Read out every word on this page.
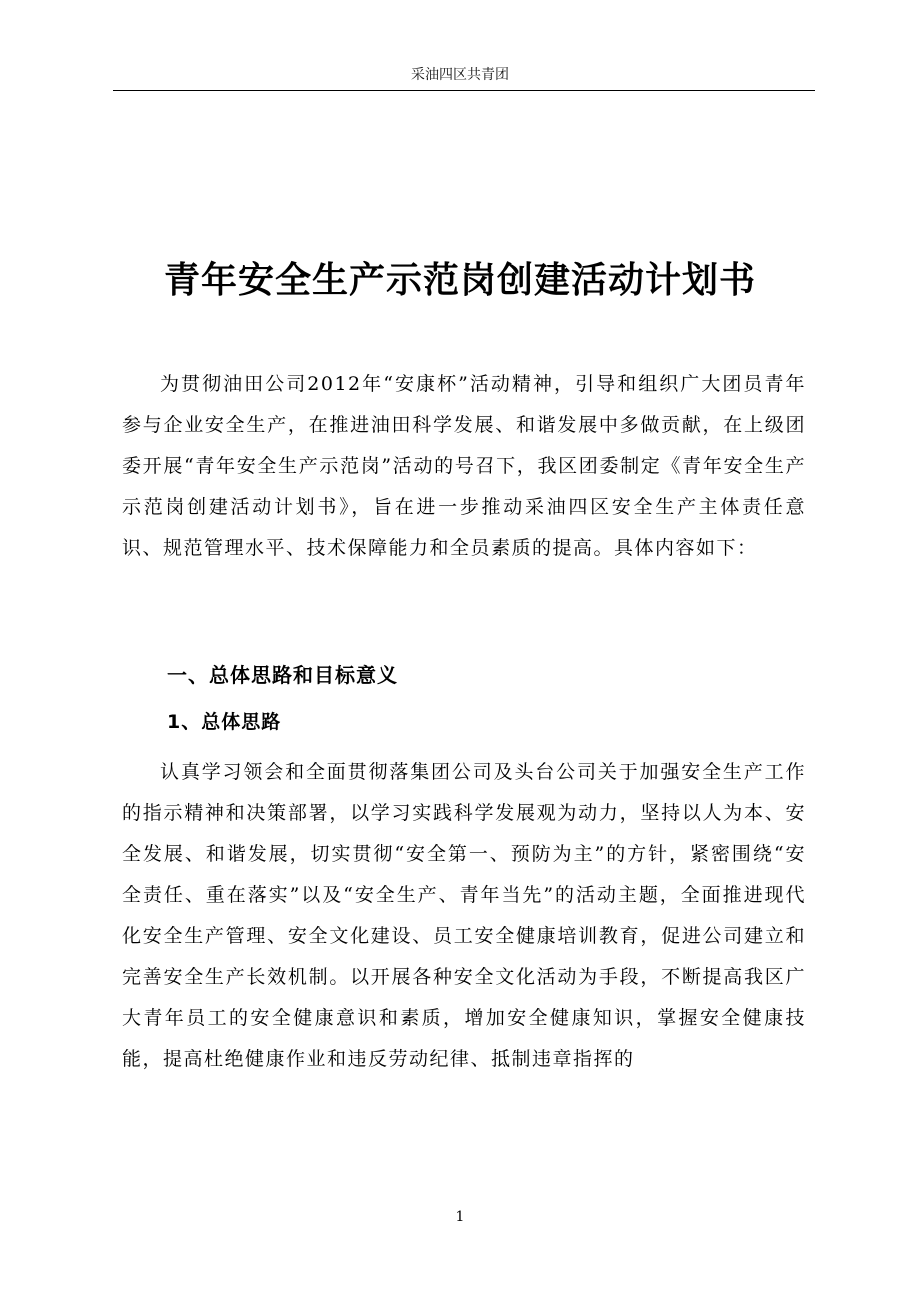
采油四区共青团
青年安全生产示范岗创建活动计划书

为贯彻油田公司2012年“安康杯”活动精神，引导和组织广大团员青年参与企业安全生产，在推进油田科学发展、和谐发展中多做贡献，在上级团委开展“青年安全生产示范岗”活动的号召下，我区团委制定《青年安全生产示范岗创建活动计划书》，旨在进一步推动采油四区安全生产主体责任意识、规范管理水平、技术保障能力和全员素质的提高。具体内容如下：

一、总体思路和目标意义
1、总体思路

认真学习领会和全面贯彻落集团公司及头台公司关于加强安全生产工作的指示精神和决策部署，以学习实践科学发展观为动力，坚持以人为本、安全发展、和谐发展，切实贯彻“安全第一、预防为主”的方针，紧密围绕“安全责任、重在落实”以及“安全生产、青年当先”的活动主题，全面推进现代化安全生产管理、安全文化建设、员工安全健康培训教育，促进公司建立和完善安全生产长效机制。以开展各种安全文化活动为手段，不断提高我区广大青年员工的安全健康意识和素质，增加安全健康知识，掌握安全健康技能，提高杜绝健康作业和违反劳动纪律、抵制违章指挥的

1
